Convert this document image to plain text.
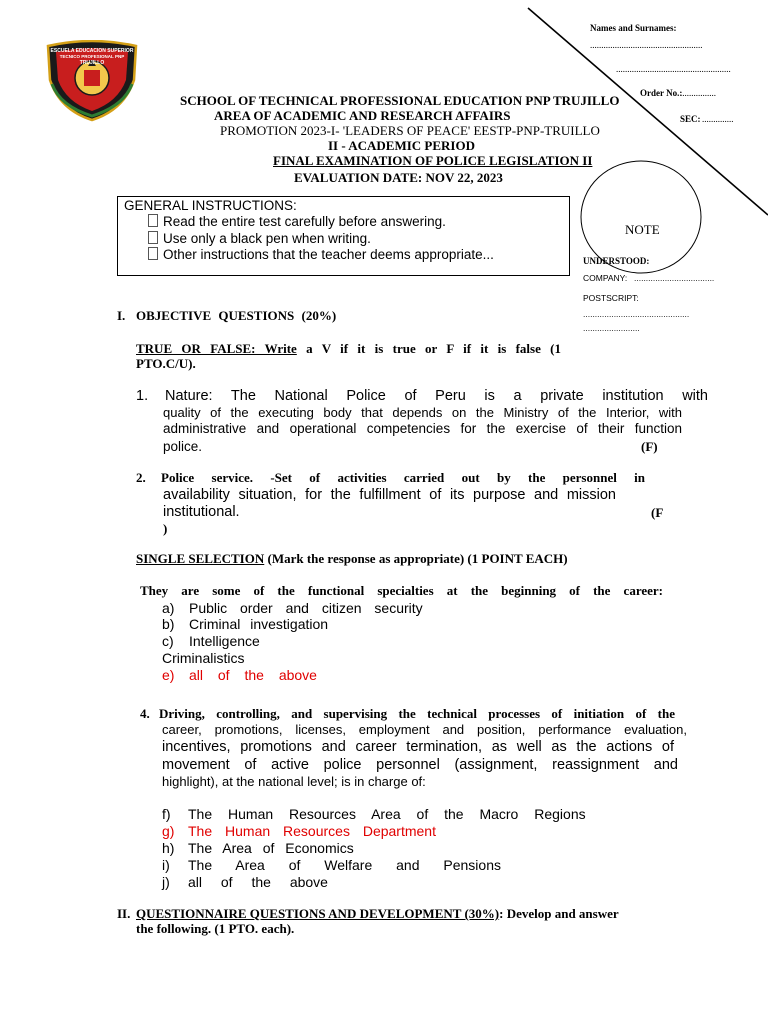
ESCUELA EDUCACION SUPERIOR
TECNICO PROFESIONAL PNP
TRUJILLO
Names and Surnames:
..................................................
...................................................
Order No.:
................
SEC: ..............
NOTE
UNDERSTOOD:
COMPANY: ..................................
POSTSCRIPT:
.............................................
........................
SCHOOL OF TECHNICAL PROFESSIONAL EDUCATION PNP TRUJILLO
AREA OF ACADEMIC AND RESEARCH AFFAIRS
PROMOTION 2023-I- 'LEADERS OF PEACE' EESTP-PNP-TRUILLO
II - ACADEMIC PERIOD
FINAL EXAMINATION OF POLICE LEGISLATION II
EVALUATION DATE: NOV 22, 2023
GENERAL INSTRUCTIONS:
Read the entire test carefully before answering.
Use only a black pen when writing.
Other instructions that the teacher deems appropriate...
I. OBJECTIVE QUESTIONS (20%)
TRUE OR FALSE: Write a V if it is true or F if it is false (1
PTO.C/U).
1. Nature: The National Police of Peru is a private institution with
quality of the executing body that depends on the Ministry of the Interior, with
administrative and operational competencies for the exercise of their function
police.	(F)
2. Police service. -Set of activities carried out by the personnel in
availability situation, for the fulfillment of its purpose and mission
institutional.	(F
)
SINGLE SELECTION (Mark the response as appropriate) (1 POINT EACH)
They are some of the functional specialties at the beginning of the career:
a) Public order and citizen security
b) Criminal investigation
c) Intelligence
Criminalistics
e) all of the above
4. Driving, controlling, and supervising the technical processes of initiation of the
career, promotions, licenses, employment and position, performance evaluation,
incentives, promotions and career termination, as well as the actions of
movement of active police personnel (assignment, reassignment and
highlight), at the national level; is in charge of:
f) The Human Resources Area of the Macro Regions
g) The Human Resources Department
h) The Area of Economics
i) The Area of Welfare and Pensions
j) all of the above
II. QUESTIONNAIRE QUESTIONS AND DEVELOPMENT (30%): Develop and answer
the following. (1 PTO. each).
